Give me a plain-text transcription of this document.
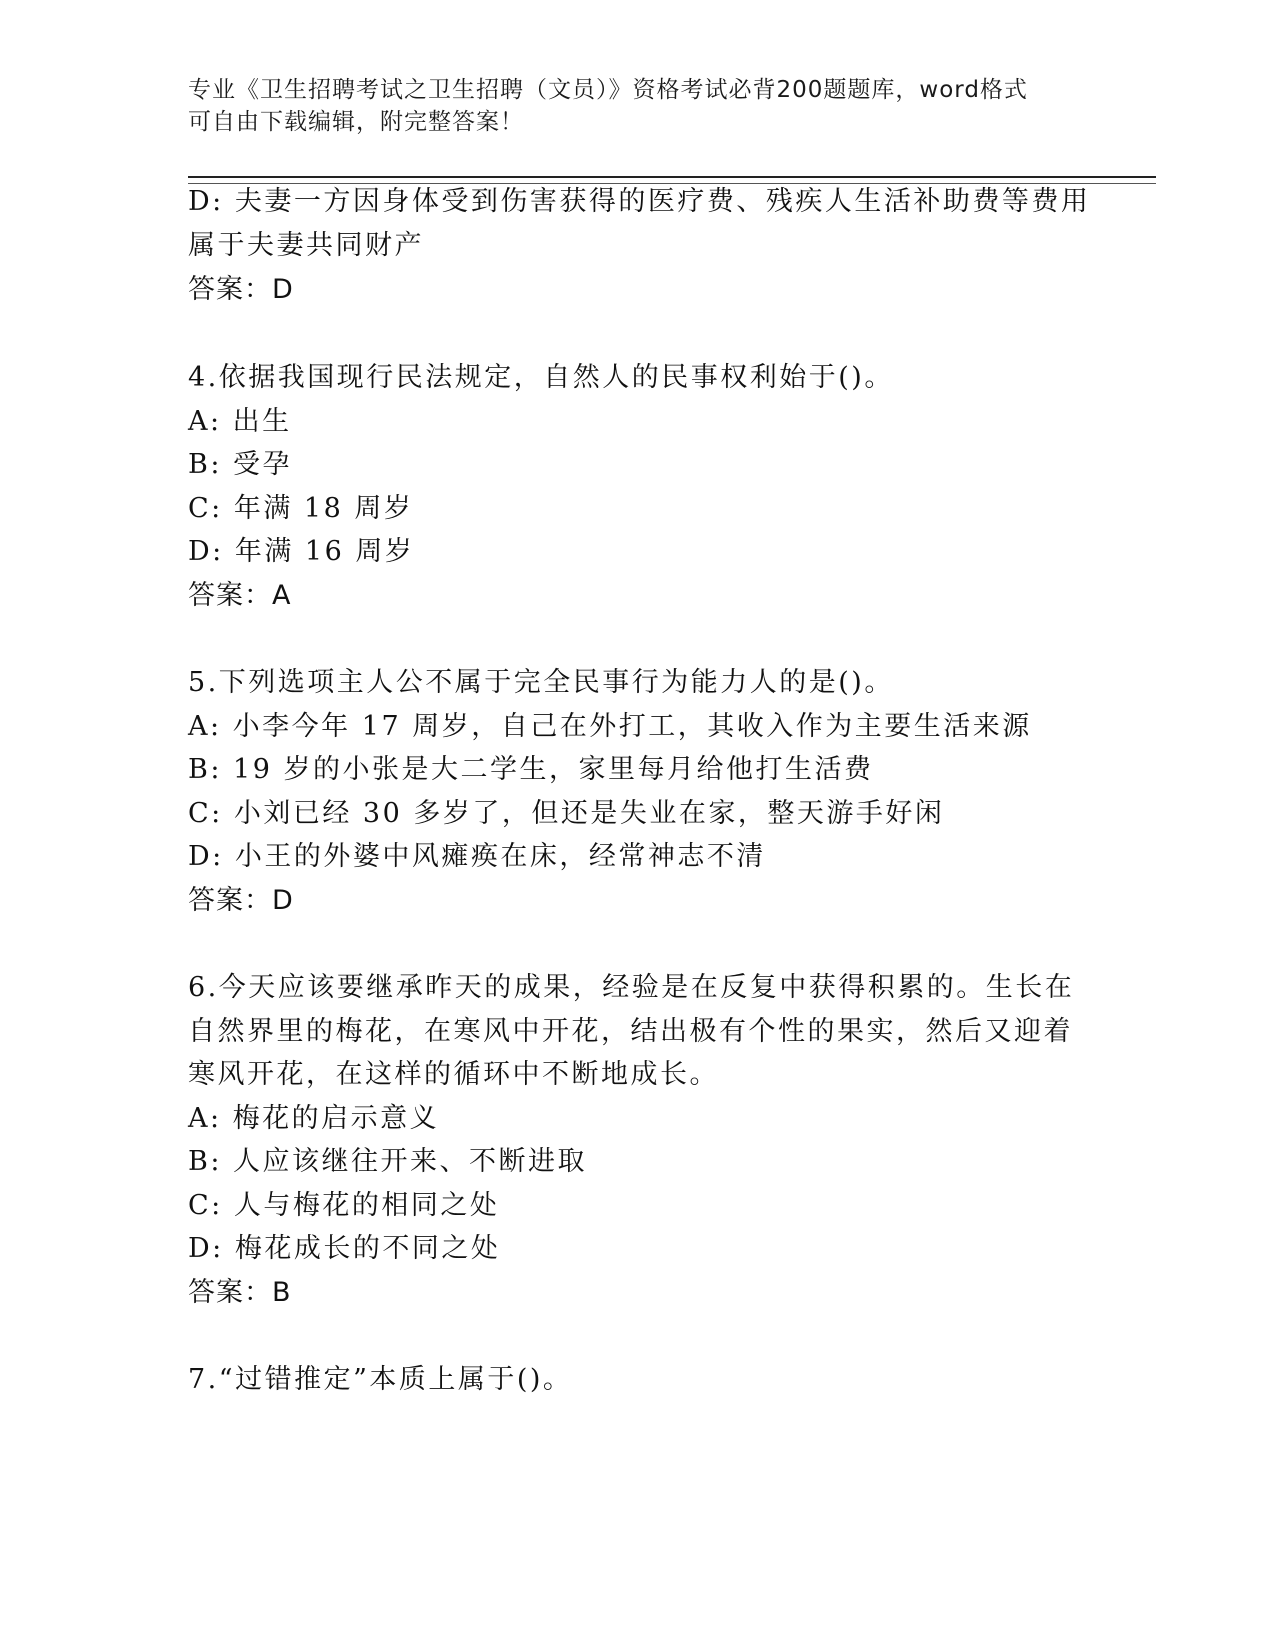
专业《卫生招聘考试之卫生招聘（文员）》资格考试必背200题题库，word格式
可自由下载编辑，附完整答案！
D: 夫妻一方因身体受到伤害获得的医疗费、残疾人生活补助费等费用
属于夫妻共同财产
答案：D
4.依据我国现行民法规定，自然人的民事权利始于()。
A: 出生
B: 受孕
C: 年满 18 周岁
D: 年满 16 周岁
答案：A
5.下列选项主人公不属于完全民事行为能力人的是()。
A: 小李今年 17 周岁，自己在外打工，其收入作为主要生活来源
B: 19 岁的小张是大二学生，家里每月给他打生活费
C: 小刘已经 30 多岁了，但还是失业在家，整天游手好闲
D: 小王的外婆中风瘫痪在床，经常神志不清
答案：D
6.今天应该要继承昨天的成果，经验是在反复中获得积累的。生长在
自然界里的梅花，在寒风中开花，结出极有个性的果实，然后又迎着
寒风开花，在这样的循环中不断地成长。
A: 梅花的启示意义
B: 人应该继往开来、不断进取
C: 人与梅花的相同之处
D: 梅花成长的不同之处
答案：B
7.“过错推定”本质上属于()。
